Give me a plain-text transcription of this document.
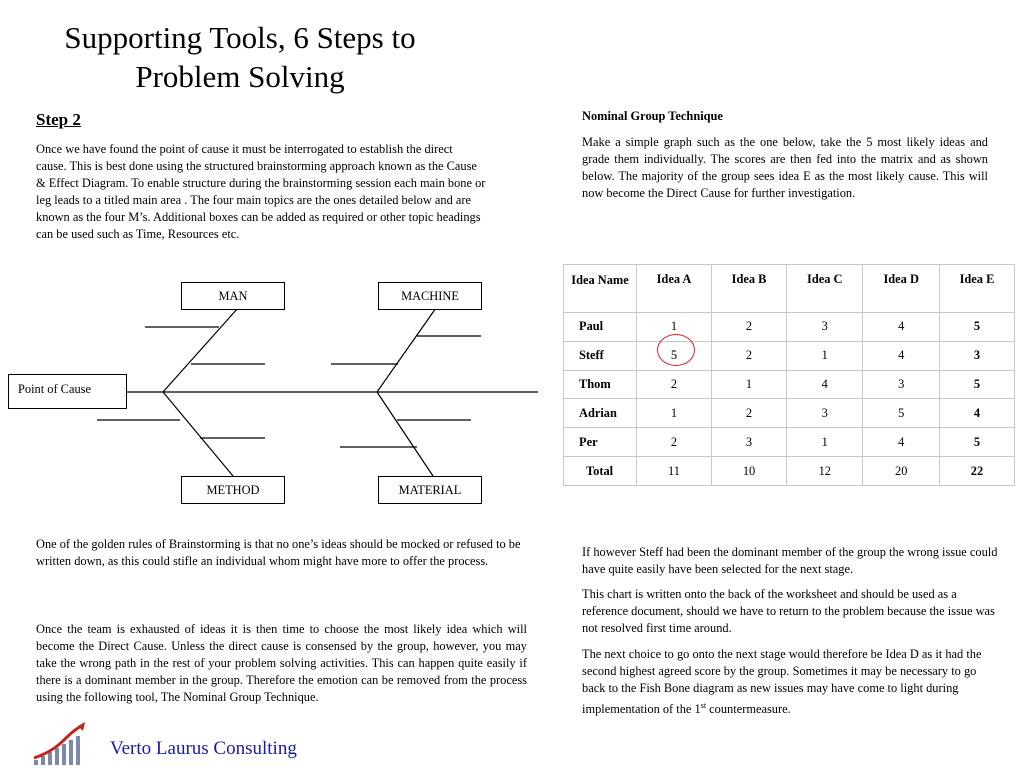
Supporting Tools, 6 Steps to Problem Solving
Step 2
Once we have found the point of cause it must be interrogated to establish the direct cause. This is best done using the structured brainstorming approach known as the Cause & Effect Diagram. To enable structure during the brainstorming session each main bone or leg leads to a titled main area . The four main topics are the ones detailed below and are known as the four M’s. Additional boxes can be added as required or other topic headings can be used such as Time, Resources etc.
MAN	MACHINE
METHOD	MATERIAL
Point of Cause
One of the golden rules of Brainstorming is that no one’s ideas should be mocked or refused to be written down, as this could stifle an individual whom might have more to offer the process.
Once the team is exhausted of ideas it is then time to choose the most likely idea which will become the Direct Cause. Unless the direct cause is consensed by the group, however, you may take the wrong path in the rest of your problem solving activities. This can happen quite easily if there is a dominant member in the group. Therefore the emotion can be removed from the process using the following tool, The Nominal Group Technique.
Nominal Group Technique
Make a simple graph such as the one below, take the 5 most likely ideas and grade them individually. The scores are then fed into the matrix and as shown below. The majority of the group sees idea E as the most likely cause. This will now become the Direct Cause for further investigation.
Idea Name	Idea A	Idea B	Idea C	Idea D	Idea E
Paul	1	2	3	4	5
Steff	5	2	1	4	3
Thom	2	1	4	3	5
Adrian	1	2	3	5	4
Per	2	3	1	4	5
Total	11	10	12	20	22
If however Steff had been the dominant member of the group the wrong issue could have quite easily have been selected for the next stage.
This chart is written onto the back of the worksheet and should be used as a reference document, should we have to return to the problem because the issue was not resolved first time around.
The next choice to go onto the next stage would therefore be Idea D as it had the second highest agreed score by the group. Sometimes it may be necessary to go back to the Fish Bone diagram as new issues may have come to light during implementation of the 1st countermeasure.
Verto Laurus Consulting
